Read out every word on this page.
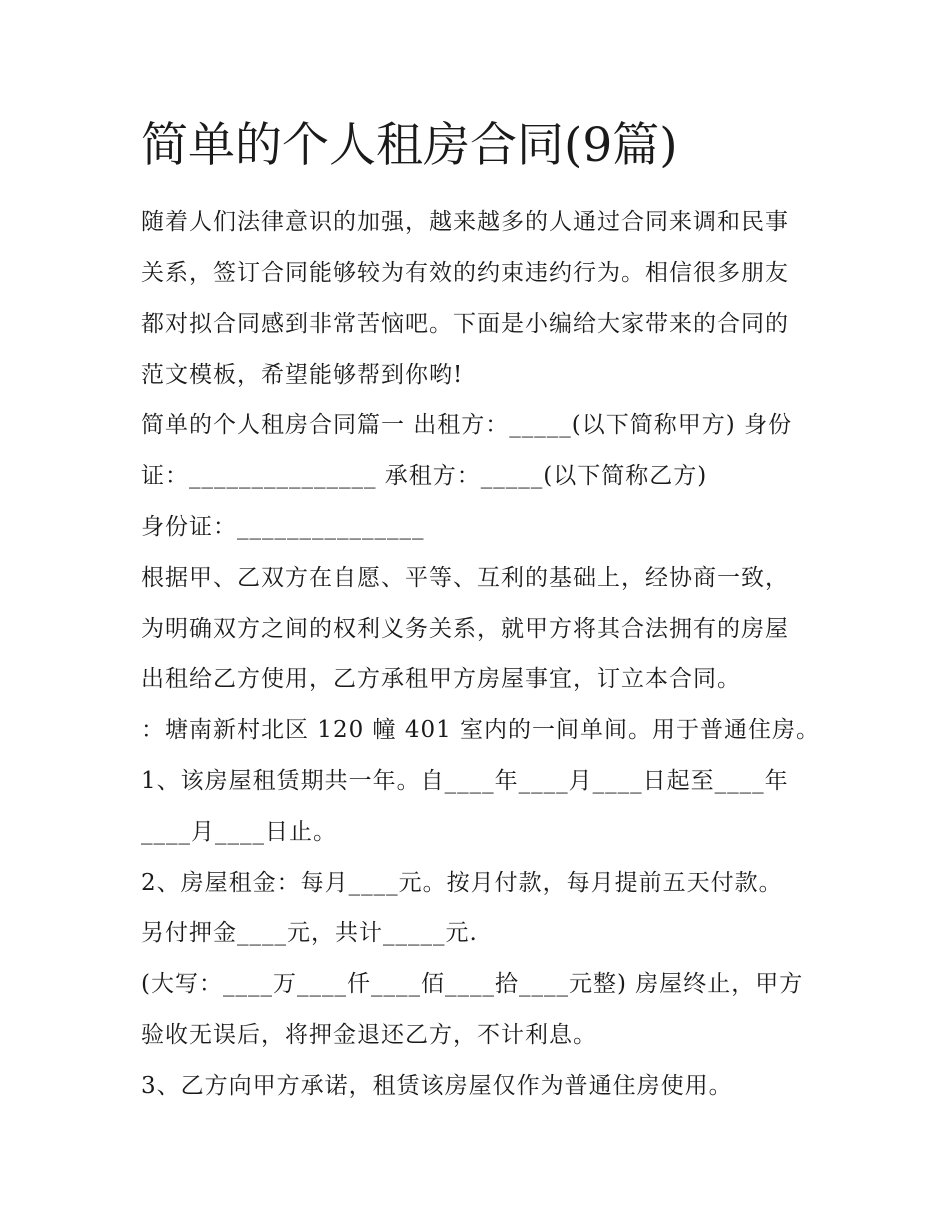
简单的个人租房合同(9篇)
随着人们法律意识的加强，越来越多的人通过合同来调和民事
关系，签订合同能够较为有效的约束违约行为。相信很多朋友
都对拟合同感到非常苦恼吧。下面是小编给大家带来的合同的
范文模板，希望能够帮到你哟!
简单的个人租房合同篇一 出租方：_____(以下简称甲方) 身份
证：_______________ 承租方：_____(以下简称乙方)
身份证：_______________
根据甲、乙双方在自愿、平等、互利的基础上，经协商一致，
为明确双方之间的权利义务关系，就甲方将其合法拥有的房屋
出租给乙方使用，乙方承租甲方房屋事宜，订立本合同。
：塘南新村北区 120 幢 401 室内的一间单间。用于普通住房。
1、该房屋租赁期共一年。自____年____月____日起至____年
____月____日止。
2、房屋租金：每月____元。按月付款，每月提前五天付款。
另付押金____元，共计_____元.
(大写：____万____仟____佰____拾____元整) 房屋终止，甲方
验收无误后，将押金退还乙方，不计利息。
3、乙方向甲方承诺，租赁该房屋仅作为普通住房使用。
